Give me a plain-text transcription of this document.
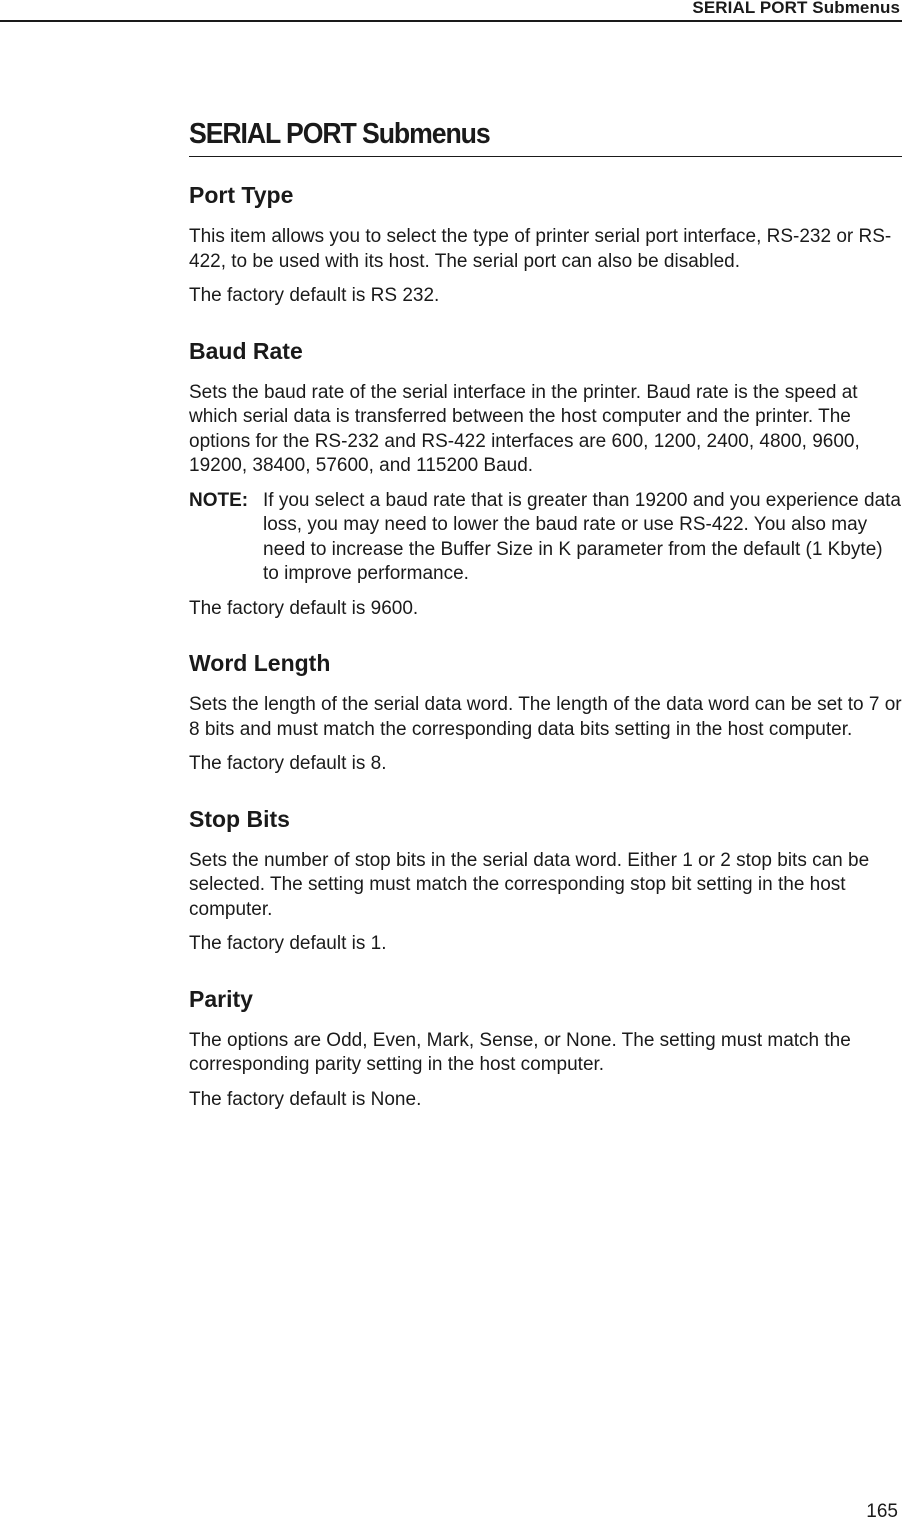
SERIAL PORT Submenus
SERIAL PORT Submenus
Port Type

This item allows you to select the type of printer serial port interface, RS-232 or RS-422, to be used with its host. The serial port can also be disabled.

The factory default is RS 232.

Baud Rate

Sets the baud rate of the serial interface in the printer. Baud rate is the speed at which serial data is transferred between the host computer and the printer. The options for the RS-232 and RS-422 interfaces are 600, 1200, 2400, 4800, 9600, 19200, 38400, 57600, and 115200 Baud.

NOTE: If you select a baud rate that is greater than 19200 and you experience data loss, you may need to lower the baud rate or use RS-422. You also may need to increase the Buffer Size in K parameter from the default (1 Kbyte) to improve performance.

The factory default is 9600.

Word Length

Sets the length of the serial data word. The length of the data word can be set to 7 or 8 bits and must match the corresponding data bits setting in the host computer.

The factory default is 8.

Stop Bits

Sets the number of stop bits in the serial data word. Either 1 or 2 stop bits can be selected. The setting must match the corresponding stop bit setting in the host computer.

The factory default is 1.

Parity

The options are Odd, Even, Mark, Sense, or None. The setting must match the corresponding parity setting in the host computer.

The factory default is None.

165
